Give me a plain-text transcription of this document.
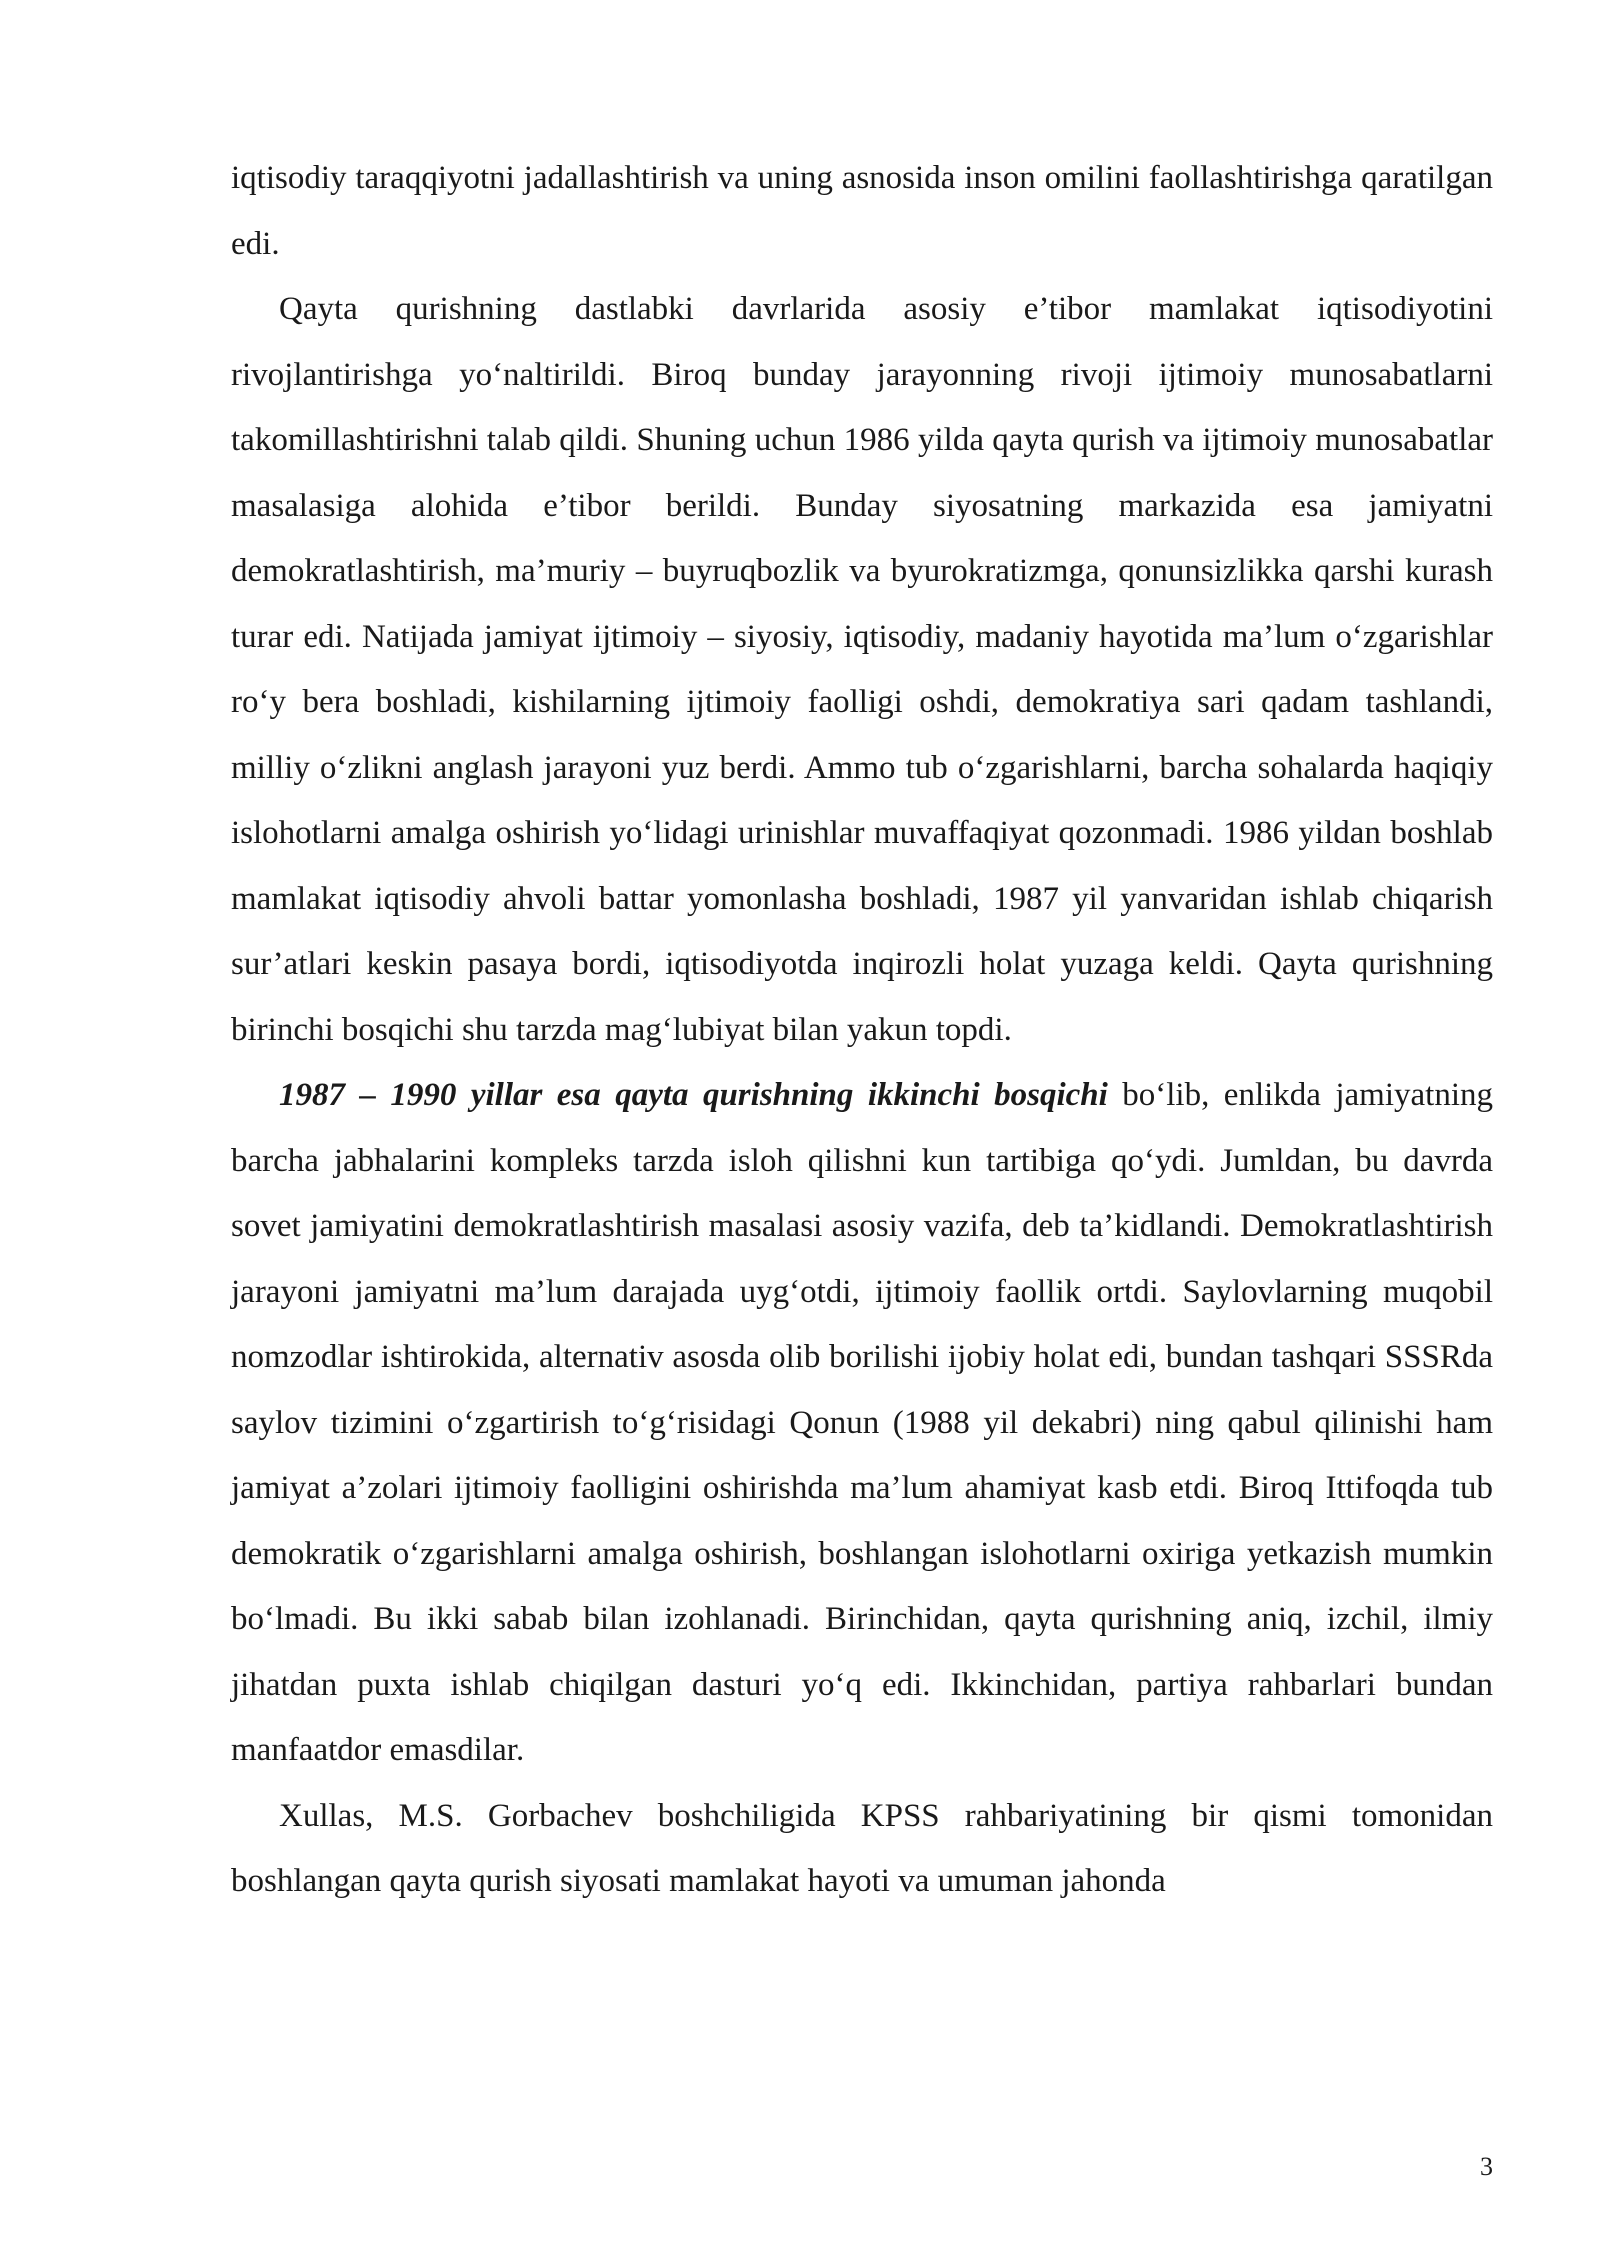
iqtisodiy taraqqiyotni jadallashtirish va uning asnosida inson omilini faollashtirishga qaratilgan edi.

Qayta qurishning dastlabki davrlarida asosiy e’tibor mamlakat iqtisodiyotini rivojlantirishga yo‘naltirildi. Biroq bunday jarayonning rivoji ijtimoiy munosabatlarni takomillashtirishni talab qildi. Shuning uchun 1986 yilda qayta qurish va ijtimoiy munosabatlar masalasiga alohida e’tibor berildi. Bunday siyosatning markazida esa jamiyatni demokratlashtirish, ma’muriy – buyruqbozlik va byurokratizmga, qonunsizlikka qarshi kurash turar edi. Natijada jamiyat ijtimoiy – siyosiy, iqtisodiy, madaniy hayotida ma’lum o‘zgarishlar ro‘y bera boshladi, kishilarning ijtimoiy faolligi oshdi, demokratiya sari qadam tashlandi, milliy o‘zlikni anglash jarayoni yuz berdi. Ammo tub o‘zgarishlarni, barcha sohalarda haqiqiy islohotlarni amalga oshirish yo‘lidagi urinishlar muvaffaqiyat qozonmadi. 1986 yildan boshlab mamlakat iqtisodiy ahvoli battar yomonlasha boshladi, 1987 yil yanvaridan ishlab chiqarish sur’atlari keskin pasaya bordi, iqtisodiyotda inqirozli holat yuzaga keldi. Qayta qurishning birinchi bosqichi shu tarzda mag‘lubiyat bilan yakun topdi.

1987 – 1990 yillar esa qayta qurishning ikkinchi bosqichi bo‘lib, enlikda jamiyatning barcha jabhalarini kompleks tarzda isloh qilishni kun tartibiga qo‘ydi. Jumldan, bu davrda sovet jamiyatini demokratlashtirish masalasi asosiy vazifa, deb ta’kidlandi. Demokratlashtirish jarayoni jamiyatni ma’lum darajada uyg‘otdi, ijtimoiy faollik ortdi. Saylovlarning muqobil nomzodlar ishtirokida, alternativ asosda olib borilishi ijobiy holat edi, bundan tashqari SSSRda saylov tizimini o‘zgartirish to‘g‘risidagi Qonun (1988 yil dekabri) ning qabul qilinishi ham jamiyat a’zolari ijtimoiy faolligini oshirishda ma’lum ahamiyat kasb etdi. Biroq Ittifoqda tub demokratik o‘zgarishlarni amalga oshirish, boshlangan islohotlarni oxiriga yetkazish mumkin bo‘lmadi. Bu ikki sabab bilan izohlanadi. Birinchidan, qayta qurishning aniq, izchil, ilmiy jihatdan puxta ishlab chiqilgan dasturi yo‘q edi. Ikkinchidan, partiya rahbarlari bundan manfaatdor emasdilar.

Xullas, M.S. Gorbachev boshchiligida KPSS rahbariyatining bir qismi tomonidan boshlangan qayta qurish siyosati mamlakat hayoti va umuman jahonda

3
